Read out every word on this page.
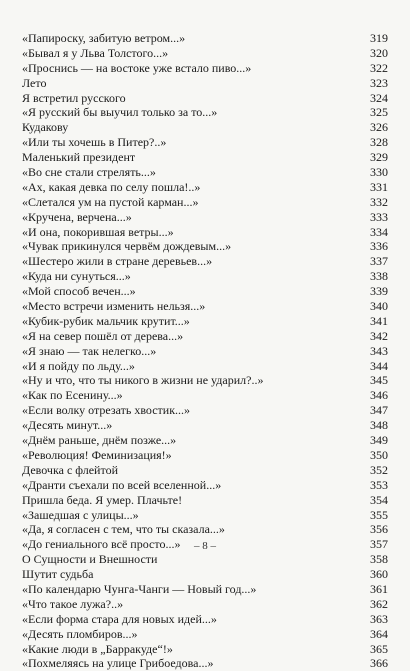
«Папироску, забитую ветром...»	319
«Бывал я у Льва Толстого...»	320
«Проснись — на востоке уже встало пиво...»	322
Лето	323
Я встретил русского	324
«Я русский бы выучил только за то...»	325
Кудакову	326
«Или ты хочешь в Питер?..»	328
Маленький президент	329
«Во сне стали стрелять...»	330
«Ах, какая девка по селу пошла!..»	331
«Слетался ум на пустой карман...»	332
«Кручена, верчена...»	333
«И она, покорившая ветры...»	334
«Чувак прикинулся червём дождевым...»	336
«Шестеро жили в стране деревьев...»	337
«Куда ни сунуться...»	338
«Мой способ вечен...»	339
«Место встречи изменить нельзя...»	340
«Кубик-рубик мальчик крутит...»	341
«Я на север пошёл от дерева...»	342
«Я знаю — так нелегко...»	343
«И я пойду по льду...»	344
«Ну и что, что ты никого в жизни не ударил?..»	345
«Как по Есенину...»	346
«Если волку отрезать хвостик...»	347
«Десять минут...»	348
«Днём раньше, днём позже...»	349
«Революция! Феминизация!»	350
Девочка с флейтой	352
«Дранти съехали по всей вселенной...»	353
Пришла беда. Я умер. Плачьте!	354
«Зашедшая с улицы...»	355
«Да, я согласен с тем, что ты сказала...»	356
«До гениального всё просто...»	357
О Сущности и Внешности	358
Шутит судьба	360
«По календарю Чунга-Чанги — Новый год...»	361
«Что такое лужа?..»	362
«Если форма стара для новых идей...»	363
«Десять пломбиров...»	364
«Какие люди в „Барракуде“!»	365
«Похмеляясь на улице Грибоедова...»	366
– 8 –
